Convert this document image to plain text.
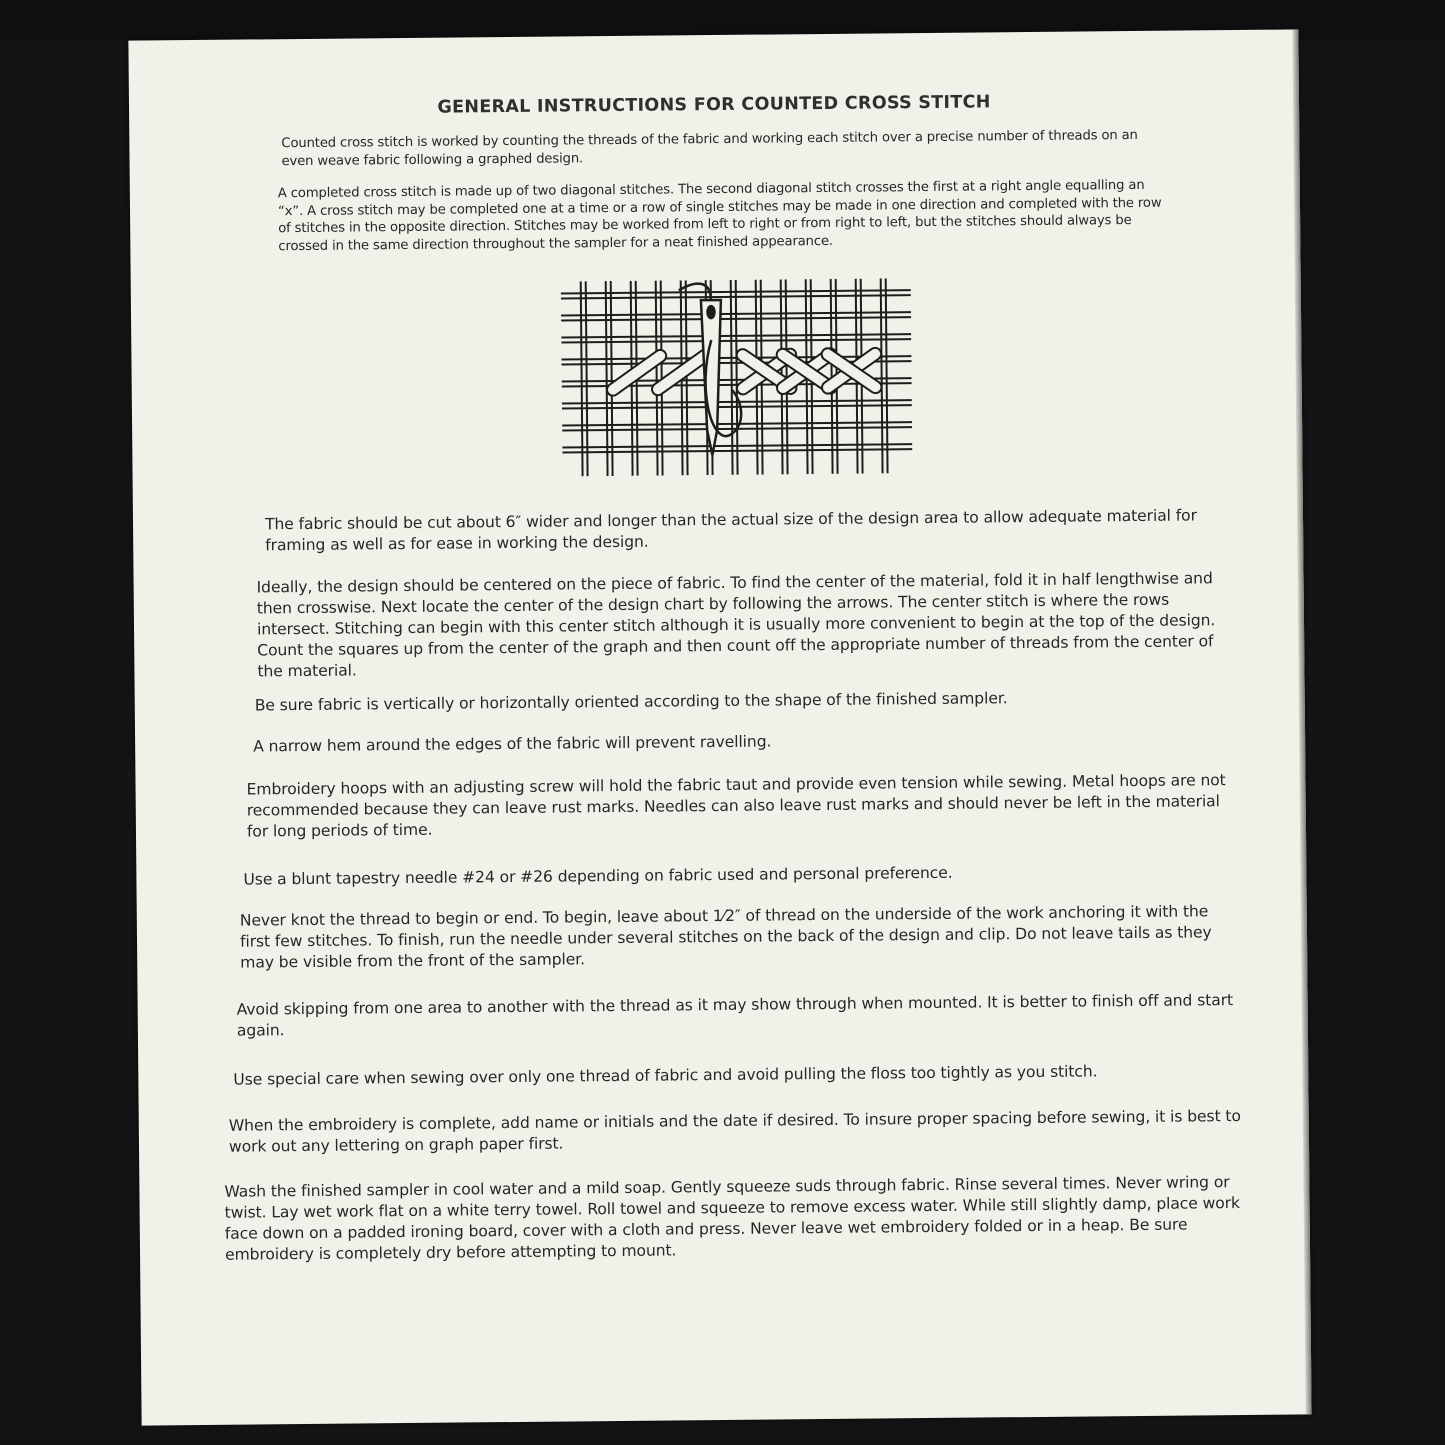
GENERAL INSTRUCTIONS FOR COUNTED CROSS STITCH

Counted cross stitch is worked by counting the threads of the fabric and working each stitch over a precise number of threads on an even weave fabric following a graphed design.

A completed cross stitch is made up of two diagonal stitches. The second diagonal stitch crosses the first at a right angle equalling an “x”. A cross stitch may be completed one at a time or a row of single stitches may be made in one direction and completed with the row of stitches in the opposite direction. Stitches may be worked from left to right or from right to left, but the stitches should always be crossed in the same direction throughout the sampler for a neat finished appearance.

The fabric should be cut about 6″ wider and longer than the actual size of the design area to allow adequate material for framing as well as for ease in working the design.

Ideally, the design should be centered on the piece of fabric. To find the center of the material, fold it in half lengthwise and then crosswise. Next locate the center of the design chart by following the arrows. The center stitch is where the rows intersect. Stitching can begin with this center stitch although it is usually more convenient to begin at the top of the design. Count the squares up from the center of the graph and then count off the appropriate number of threads from the center of the material.

Be sure fabric is vertically or horizontally oriented according to the shape of the finished sampler.

A narrow hem around the edges of the fabric will prevent ravelling.

Embroidery hoops with an adjusting screw will hold the fabric taut and provide even tension while sewing. Metal hoops are not recommended because they can leave rust marks. Needles can also leave rust marks and should never be left in the material for long periods of time.

Use a blunt tapestry needle #24 or #26 depending on fabric used and personal preference.

Never knot the thread to begin or end. To begin, leave about 1⁄2″ of thread on the underside of the work anchoring it with the first few stitches. To finish, run the needle under several stitches on the back of the design and clip. Do not leave tails as they may be visible from the front of the sampler.

Avoid skipping from one area to another with the thread as it may show through when mounted. It is better to finish off and start again.

Use special care when sewing over only one thread of fabric and avoid pulling the floss too tightly as you stitch.

When the embroidery is complete, add name or initials and the date if desired. To insure proper spacing before sewing, it is best to work out any lettering on graph paper first.

Wash the finished sampler in cool water and a mild soap. Gently squeeze suds through fabric. Rinse several times. Never wring or twist. Lay wet work flat on a white terry towel. Roll towel and squeeze to remove excess water. While still slightly damp, place work face down on a padded ironing board, cover with a cloth and press. Never leave wet embroidery folded or in a heap. Be sure embroidery is completely dry before attempting to mount.
